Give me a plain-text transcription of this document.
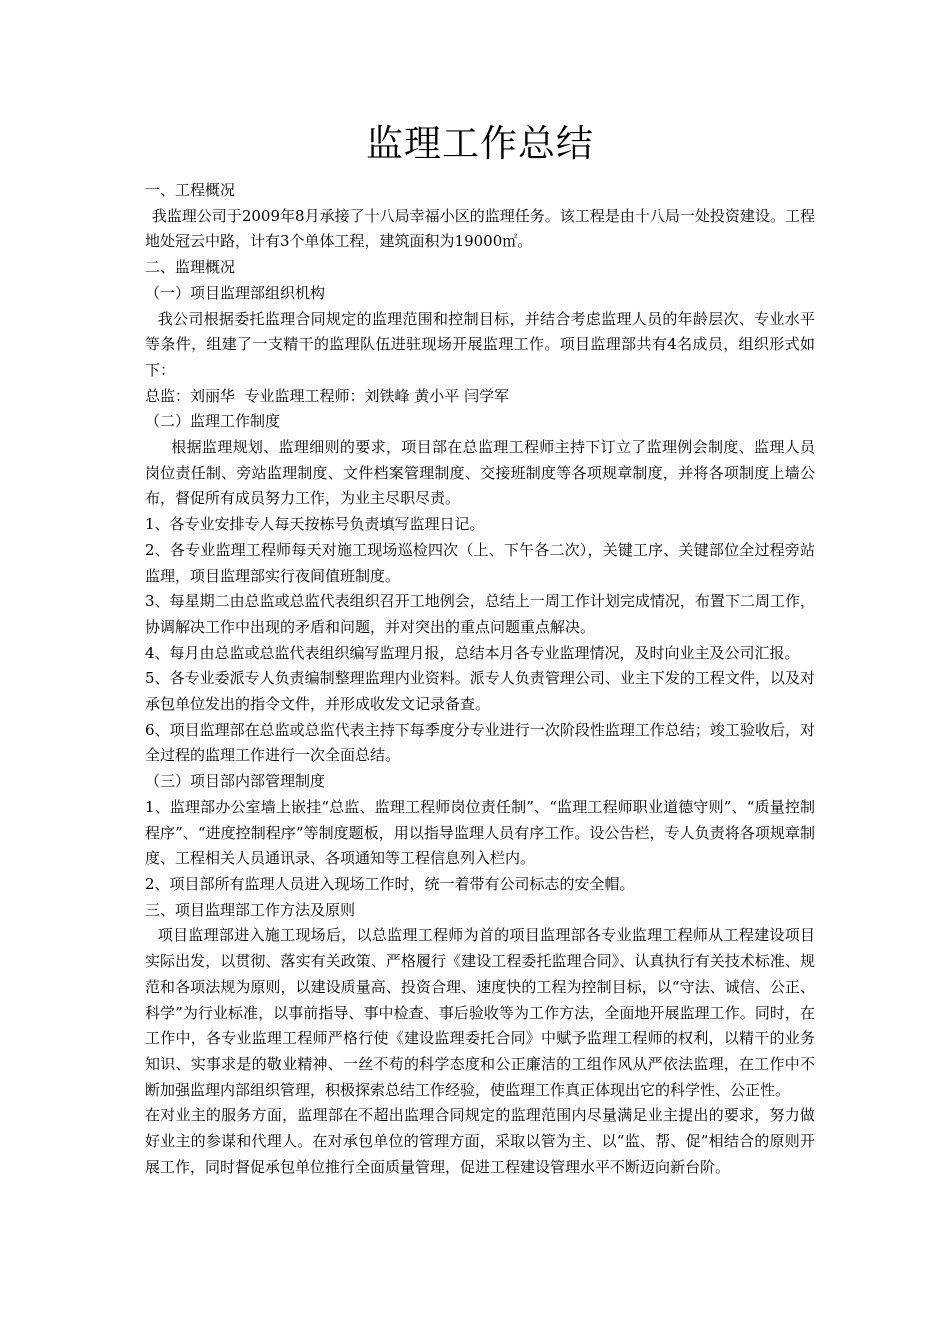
监理工作总结

一、工程概况

我监理公司于2009年8月承接了十八局幸福小区的监理任务。该工程是由十八局一处投资建设。工程地处冠云中路，计有3个单体工程，建筑面积为19000㎡。

二、监理概况

（一）项目监理部组织机构

我公司根据委托监理合同规定的监理范围和控制目标，并结合考虑监理人员的年龄层次、专业水平等条件，组建了一支精干的监理队伍进驻现场开展监理工作。项目监理部共有4名成员，组织形式如下：

总监：刘丽华  专业监理工程师：刘铁峰 黄小平 闫学军

（二）监理工作制度

根据监理规划、监理细则的要求，项目部在总监理工程师主持下订立了监理例会制度、监理人员岗位责任制、旁站监理制度、文件档案管理制度、交接班制度等各项规章制度，并将各项制度上墙公布，督促所有成员努力工作，为业主尽职尽责。

1、各专业安排专人每天按栋号负责填写监理日记。

2、各专业监理工程师每天对施工现场巡检四次（上、下午各二次），关键工序、关键部位全过程旁站监理，项目监理部实行夜间值班制度。

3、每星期二由总监或总监代表组织召开工地例会，总结上一周工作计划完成情况，布置下二周工作，协调解决工作中出现的矛盾和问题，并对突出的重点问题重点解决。

4、每月由总监或总监代表组织编写监理月报，总结本月各专业监理情况，及时向业主及公司汇报。

5、各专业委派专人负责编制整理监理内业资料。派专人负责管理公司、业主下发的工程文件，以及对承包单位发出的指令文件，并形成收发文记录备查。

6、项目监理部在总监或总监代表主持下每季度分专业进行一次阶段性监理工作总结；竣工验收后，对全过程的监理工作进行一次全面总结。

（三）项目部内部管理制度

1、监理部办公室墙上嵌挂“总监、监理工程师岗位责任制”、“监理工程师职业道德守则”、“质量控制程序”、“进度控制程序”等制度题板，用以指导监理人员有序工作。设公告栏，专人负责将各项规章制度、工程相关人员通讯录、各项通知等工程信息列入栏内。

2、项目部所有监理人员进入现场工作时，统一着带有公司标志的安全帽。

三、项目监理部工作方法及原则

项目监理部进入施工现场后，以总监理工程师为首的项目监理部各专业监理工程师从工程建设项目实际出发，以贯彻、落实有关政策、严格履行《建设工程委托监理合同》、认真执行有关技术标准、规范和各项法规为原则，以建设质量高、投资合理、速度快的工程为控制目标，以“守法、诚信、公正、科学”为行业标准，以事前指导、事中检查、事后验收等为工作方法，全面地开展监理工作。同时，在工作中，各专业监理工程师严格行使《建设监理委托合同》中赋予监理工程师的权利，以精干的业务知识、实事求是的敬业精神、一丝不苟的科学态度和公正廉洁的工组作风从严依法监理，在工作中不断加强监理内部组织管理，积极探索总结工作经验，使监理工作真正体现出它的科学性、公正性。

在对业主的服务方面，监理部在不超出监理合同规定的监理范围内尽量满足业主提出的要求，努力做好业主的参谋和代理人。在对承包单位的管理方面，采取以管为主、以“监、帮、促”相结合的原则开展工作，同时督促承包单位推行全面质量管理，促进工程建设管理水平不断迈向新台阶。
